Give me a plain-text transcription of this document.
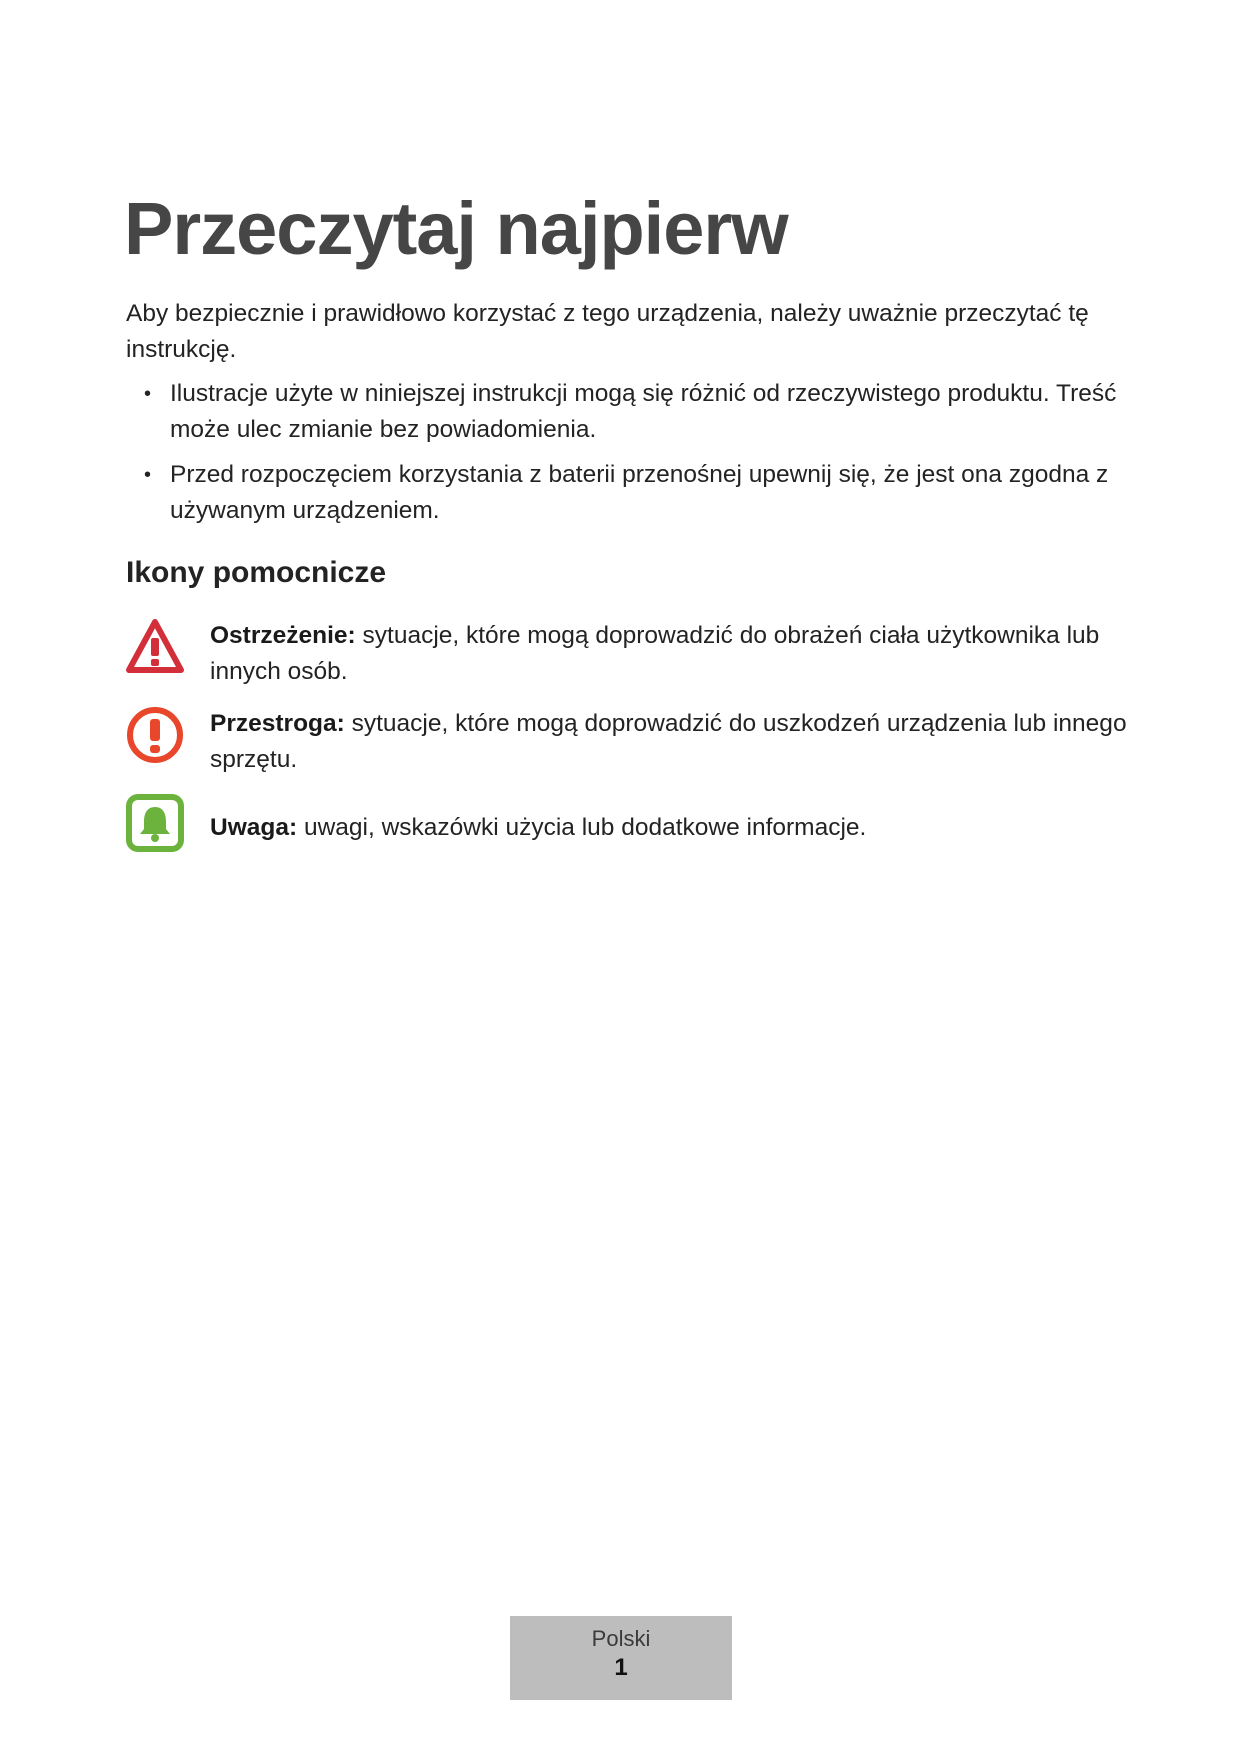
Przeczytaj najpierw

Aby bezpiecznie i prawidłowo korzystać z tego urządzenia, należy uważnie przeczytać tę instrukcję.

• Ilustracje użyte w niniejszej instrukcji mogą się różnić od rzeczywistego produktu. Treść może ulec zmianie bez powiadomienia.
• Przed rozpoczęciem korzystania z baterii przenośnej upewnij się, że jest ona zgodna z używanym urządzeniem.
Ikony pomocnicze
Ostrzeżenie: sytuacje, które mogą doprowadzić do obrażeń ciała użytkownika lub innych osób.
Przestroga: sytuacje, które mogą doprowadzić do uszkodzeń urządzenia lub innego sprzętu.
Uwaga: uwagi, wskazówki użycia lub dodatkowe informacje.
Polski
1
